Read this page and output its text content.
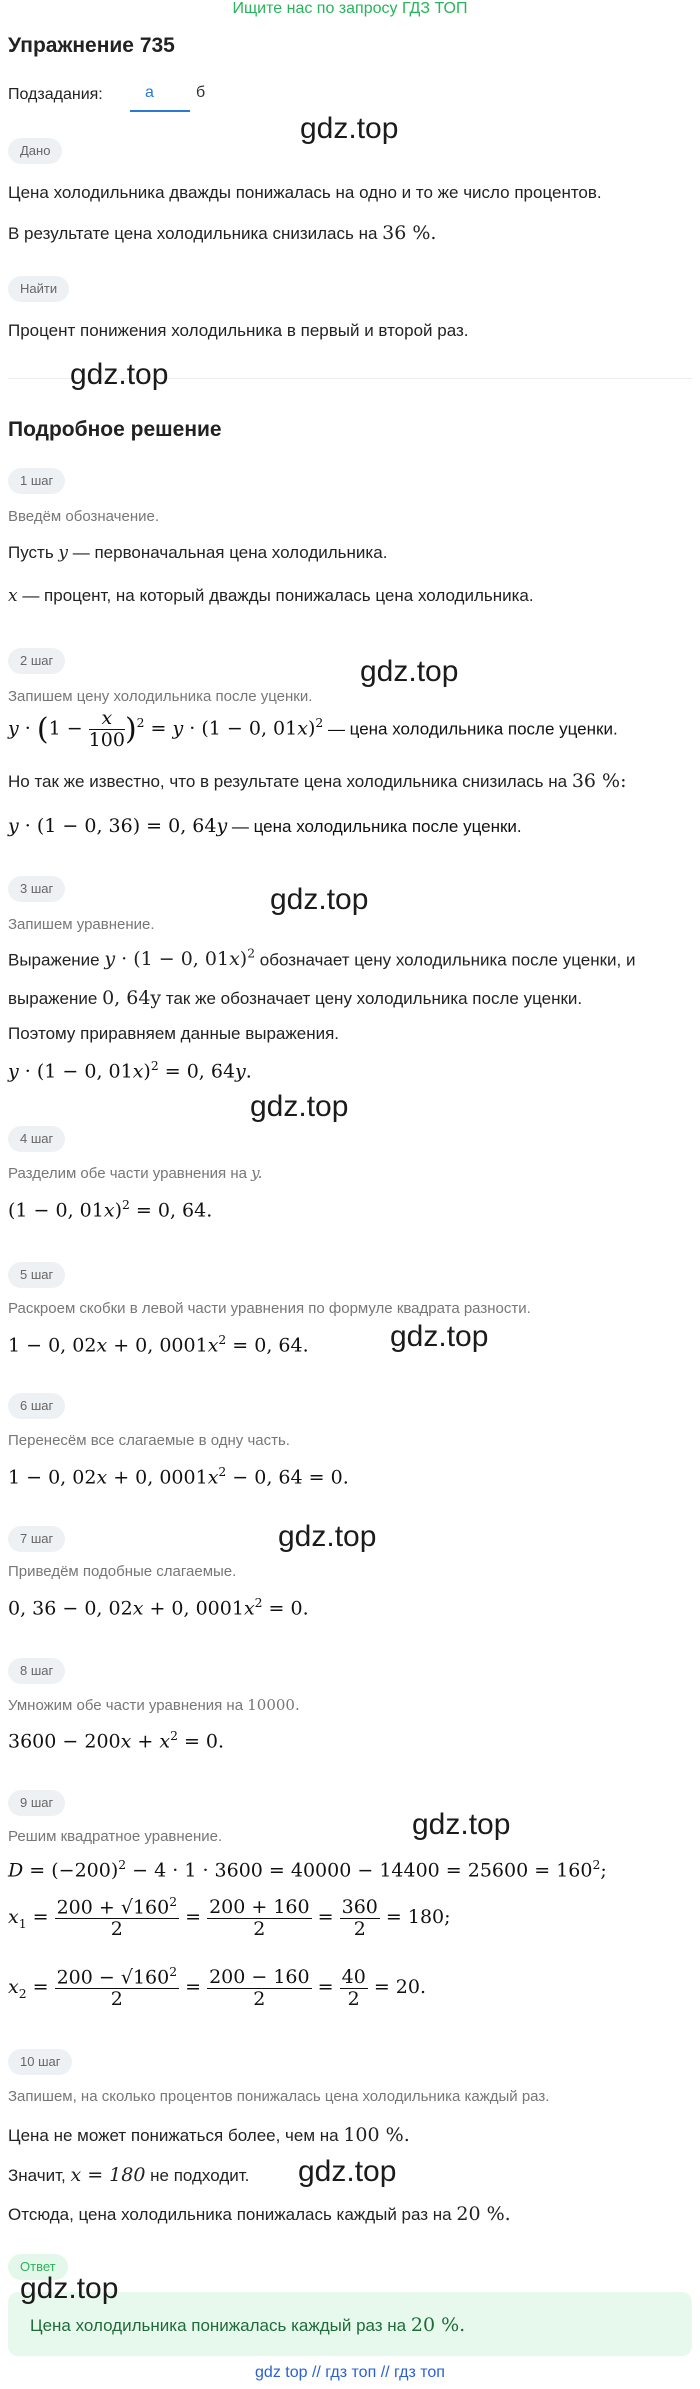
Ищите нас по запросу ГДЗ ТОП
Упражнение 735
Подзадания:	а	б
Дано
gdz.top
Цена холодильника дважды понижалась на одно и то же число процентов.
В результате цена холодильника снизилась на 36 %.
Найти
Процент понижения холодильника в первый и второй раз.
gdz.top
Подробное решение
1 шаг
Введём обозначение.
Пусть y — первоначальная цена холодильника.
x — процент, на который дважды понижалась цена холодильника.
2 шаг	gdz.top
Запишем цену холодильника после уценки.
$y \cdot (1 - \frac{x}{100} )^2 = y \cdot (1 - 0$, 01x)$^2$ — цена холодильника после уценки.
Но так же известно, что в результате цена холодильника снизилась на 36 %:
y · (1 − 0, 36) = 0, 64y — цена холодильника после уценки.
3 шаг	gdz.top
Запишем уравнение.
Выражение y · (1 − 0, 01x)$^2$ обозначает цену холодильника после уценки, и
выражение 0, 64y так же обозначает цену холодильника после уценки.
Поэтому приравняем данные выражения.
y · (1 − 0, 01x)$^2$ = 0, 64y.
gdz.top
4 шаг
Разделим обе части уравнения на y.
(1 − 0, 01x)$^2$ = 0, 64.
5 шаг
Раскроем скобки в левой части уравнения по формуле квадрата разности.
1 − 0, 02x + 0, $0001x^2 = 0$, 64.	gdz.top
6 шаг
Перенесём все слагаемые в одну часть.
1 − 0, 02x + 0, $0001x^2 - 0$, 64 = 0.
7 шаг	gdz.top
Приведём подобные слагаемые.
0, 36 − 0, 02x + 0, $0001x^2 = 0$.
8 шаг
Умножим обе части уравнения на 10000.
$3600 - 200x + x^2 = 0$.
9 шаг
gdz.top
Решим квадратное уравнение.
$D = (-200)^2 - 4 \cdot 1 \cdot 3600 = 40000 - 14400 = 25600 = 160^2$;
$x_1 = \frac{200 + √160^2}{2} = \frac{200 + 160}{2} = \frac{360}{2} = 180$;
$x_2 = \frac{200 - √160^2}{2} = \frac{200 - 160}{2} = \frac{40}{2} = 20$.
10 шаг
Запишем, на сколько процентов понижалась цена холодильника каждый раз.
Цена не может понижаться более, чем на 100 %.
Значит, x = 180 не подходит. gdz.top
Отсюда, цена холодильника понижалась каждый раз на 20 %.
Ответ
gdz.top
Цена холодильника понижалась каждый раз на 20 %.
gdz top // гдз топ // гдз топ
